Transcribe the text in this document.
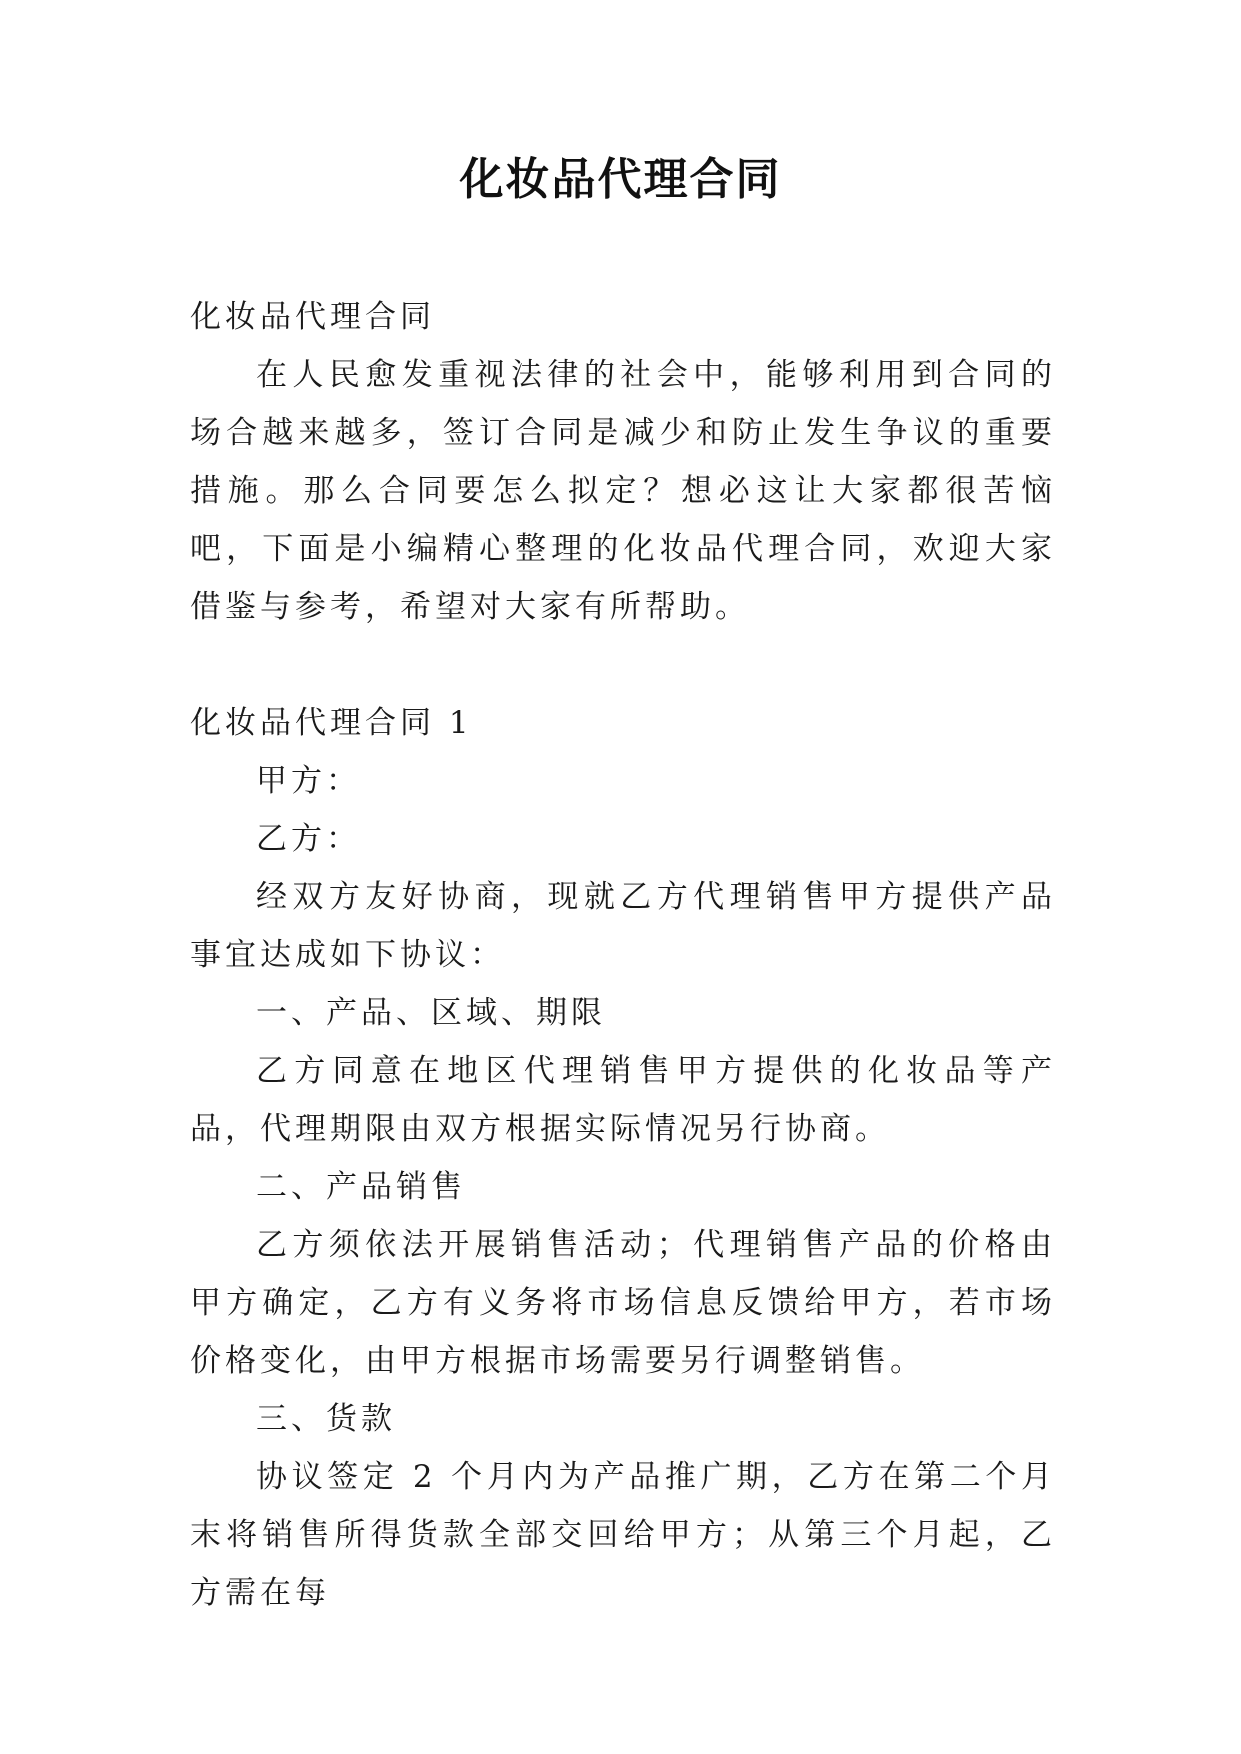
化妆品代理合同

化妆品代理合同

在人民愈发重视法律的社会中，能够利用到合同的场合越来越多，签订合同是减少和防止发生争议的重要措施。那么合同要怎么拟定？想必这让大家都很苦恼吧，下面是小编精心整理的化妆品代理合同，欢迎大家借鉴与参考，希望对大家有所帮助。

化妆品代理合同 1

甲方：

乙方：

经双方友好协商，现就乙方代理销售甲方提供产品事宜达成如下协议：

一、产品、区域、期限

乙方同意在地区代理销售甲方提供的化妆品等产品，代理期限由双方根据实际情况另行协商。

二、产品销售

乙方须依法开展销售活动；代理销售产品的价格由甲方确定，乙方有义务将市场信息反馈给甲方，若市场价格变化，由甲方根据市场需要另行调整销售。

三、货款

协议签定 2 个月内为产品推广期，乙方在第二个月末将销售所得货款全部交回给甲方；从第三个月起，乙方需在每
